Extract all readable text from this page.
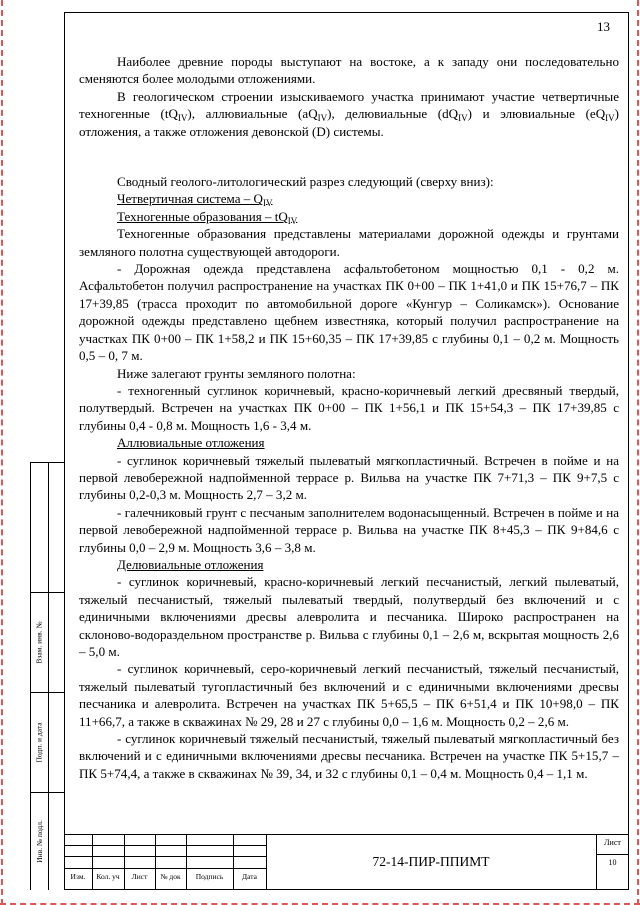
Взам. инв. №
Подп. и дата
Инв. № подл.
13

Наиболее древние породы выступают на востоке, а к западу они последовательно сменяются более молодыми отложениями.

В геологическом строении изыскиваемого участка принимают участие четвертичные техногенные $(tQ_{IV})$, аллювиальные $(aQ_{IV})$, делювиальные $(dQ_{IV})$ и элювиальные $(eQ_{IV})$ отложения, а также отложения девонской (D) системы.

Сводный геолого-литологический разрез следующий (сверху вниз):

Четвертичная система – $Q_{IV}$

Техногенные образования – $tQ_{IV}$

Техногенные образования представлены материалами дорожной одежды и грунтами земляного полотна существующей автодороги.

- Дорожная одежда представлена асфальтобетоном мощностью 0,1 - 0,2 м. Асфальтобетон получил распространение на участках ПК 0+00 – ПК 1+41,0 и ПК 15+76,7 – ПК 17+39,85 (трасса проходит по автомобильной дороге «Кунгур – Соликамск»). Основание дорожной одежды представлено щебнем известняка, который получил распространение на участках ПК 0+00 – ПК 1+58,2 и ПК 15+60,35 – ПК 17+39,85 с глубины 0,1 – 0,2 м. Мощность 0,5 – 0, 7 м.

Ниже залегают грунты земляного полотна:

- техногенный суглинок коричневый, красно-коричневый легкий дресвяный твердый, полутвердый. Встречен на участках ПК 0+00 – ПК 1+56,1 и ПК 15+54,3 – ПК 17+39,85 с глубины 0,4 - 0,8 м. Мощность 1,6 - 3,4 м.

Аллювиальные отложения

- суглинок коричневый тяжелый пылеватый мягкопластичный. Встречен в пойме и на первой левобережной надпойменной террасе р. Вильва на участке ПК 7+71,3 – ПК 9+7,5 с глубины 0,2-0,3 м. Мощность 2,7 – 3,2 м.

- галечниковый грунт с песчаным заполнителем водонасыщенный. Встречен в пойме и на первой левобережной надпойменной террасе р. Вильва на участке ПК 8+45,3 – ПК 9+84,6 с глубины 0,0 – 2,9 м. Мощность 3,6 – 3,8 м.

Делювиальные отложения

- суглинок коричневый, красно-коричневый легкий песчанистый, легкий пылеватый, тяжелый песчанистый, тяжелый пылеватый твердый, полутвердый без включений и с единичными включениями дресвы алевролита и песчаника. Широко распространен на склоново-водораздельном пространстве р. Вильва с глубины 0,1 – 2,6 м, вскрытая мощность 2,6 – 5,0 м.

- суглинок коричневый, серо-коричневый легкий песчанистый, тяжелый песчанистый, тяжелый пылеватый тугопластичный без включений и с единичными включениями дресвы песчаника и алевролита. Встречен на участках ПК 5+65,5 – ПК 6+51,4 и ПК 10+98,0 – ПК 11+66,7, а также в скважинах № 29, 28 и 27 с глубины 0,0 – 1,6 м. Мощность 0,2 – 2,6 м.

- суглинок коричневый тяжелый песчанистый, тяжелый пылеватый мягкопластичный без включений и с единичными включениями дресвы песчаника. Встречен на участке ПК 5+15,7 – ПК 5+74,4, а также в скважинах № 39, 34, и 32 с глубины 0,1 – 0,4 м. Мощность 0,4 – 1,1 м.

Изм.	Кол. уч	Лист	№ док	Подпись	Дата
72-14-ПИР-ППИМТ
Лист
10
